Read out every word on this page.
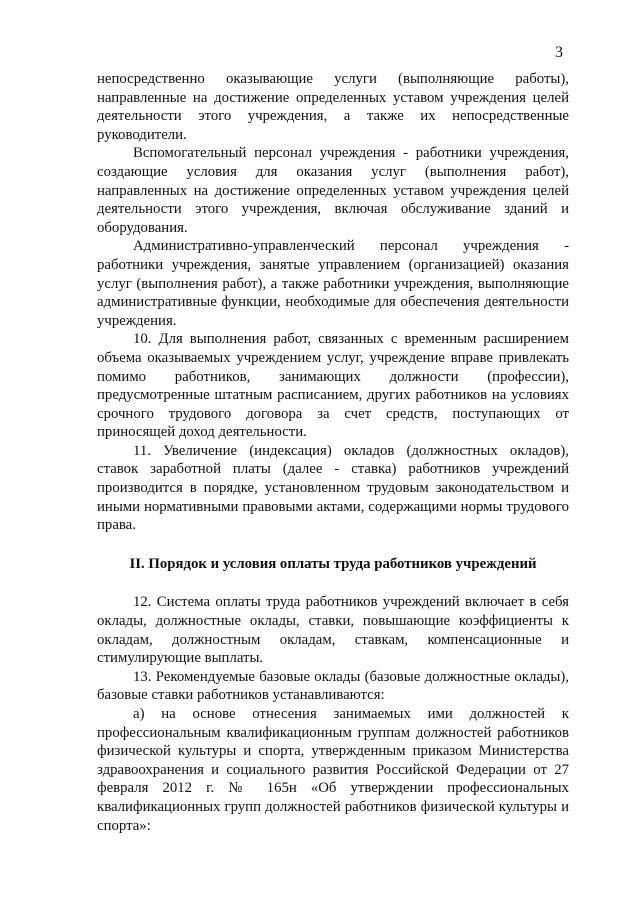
3

непосредственно оказывающие услуги (выполняющие работы), направленные на достижение определенных уставом учреждения целей деятельности этого учреждения, а также их непосредственные руководители.

Вспомогательный персонал учреждения - работники учреждения, создающие условия для оказания услуг (выполнения работ), направленных на достижение определенных уставом учреждения целей деятельности этого учреждения, включая обслуживание зданий и оборудования.

Административно-управленческий персонал учреждения - работники учреждения, занятые управлением (организацией) оказания услуг (выполнения работ), а также работники учреждения, выполняющие административные функции, необходимые для обеспечения деятельности учреждения.

10. Для выполнения работ, связанных с временным расширением объема оказываемых учреждением услуг, учреждение вправе привлекать помимо работников, занимающих должности (профессии), предусмотренные штатным расписанием, других работников на условиях срочного трудового договора за счет средств, поступающих от приносящей доход деятельности.

11. Увеличение (индексация) окладов (должностных окладов), ставок заработной платы (далее - ставка) работников учреждений производится в порядке, установленном трудовым законодательством и иными нормативными правовыми актами, содержащими нормы трудового права.

II. Порядок и условия оплаты труда работников учреждений

12. Система оплаты труда работников учреждений включает в себя оклады, должностные оклады, ставки, повышающие коэффициенты к окладам, должностным окладам, ставкам, компенсационные и стимулирующие выплаты.

13. Рекомендуемые базовые оклады (базовые должностные оклады), базовые ставки работников устанавливаются:

а) на основе отнесения занимаемых ими должностей к профессиональным квалификационным группам должностей работников физической культуры и спорта, утвержденным приказом Министерства здравоохранения и социального развития Российской Федерации от 27 февраля 2012 г. № 165н «Об утверждении профессиональных квалификационных групп должностей работников физической культуры и спорта»:
